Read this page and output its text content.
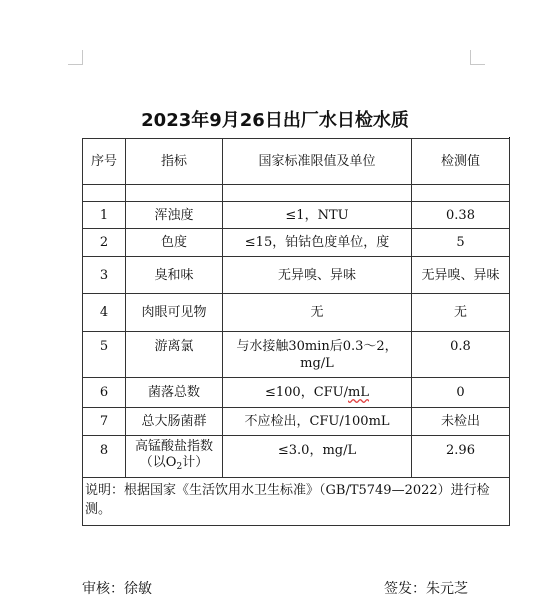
2023年9月26日出厂水日检水质
序号	指标	国家标准限值及单位	检测值

1	浑浊度	≤1，NTU	0.38
2	色度	≤15，铂钴色度单位，度	5
3	臭和味	无异嗅、异味	无异嗅、异味
4	肉眼可见物	无	无
5	游离氯	与水接触30min后0.3～2，
mg/L	0.8
6	菌落总数	≤100，CFU/mL	0
7	总大肠菌群	不应检出，CFU/100mL	未检出
8	高锰酸盐指数
（以$O_2$计）	≤3.0，mg/L	2.96
说明：根据国家《生活饮用水卫生标准》（GB/T5749—2022）进行检测。			
审核：徐敏	签发：朱元芝
